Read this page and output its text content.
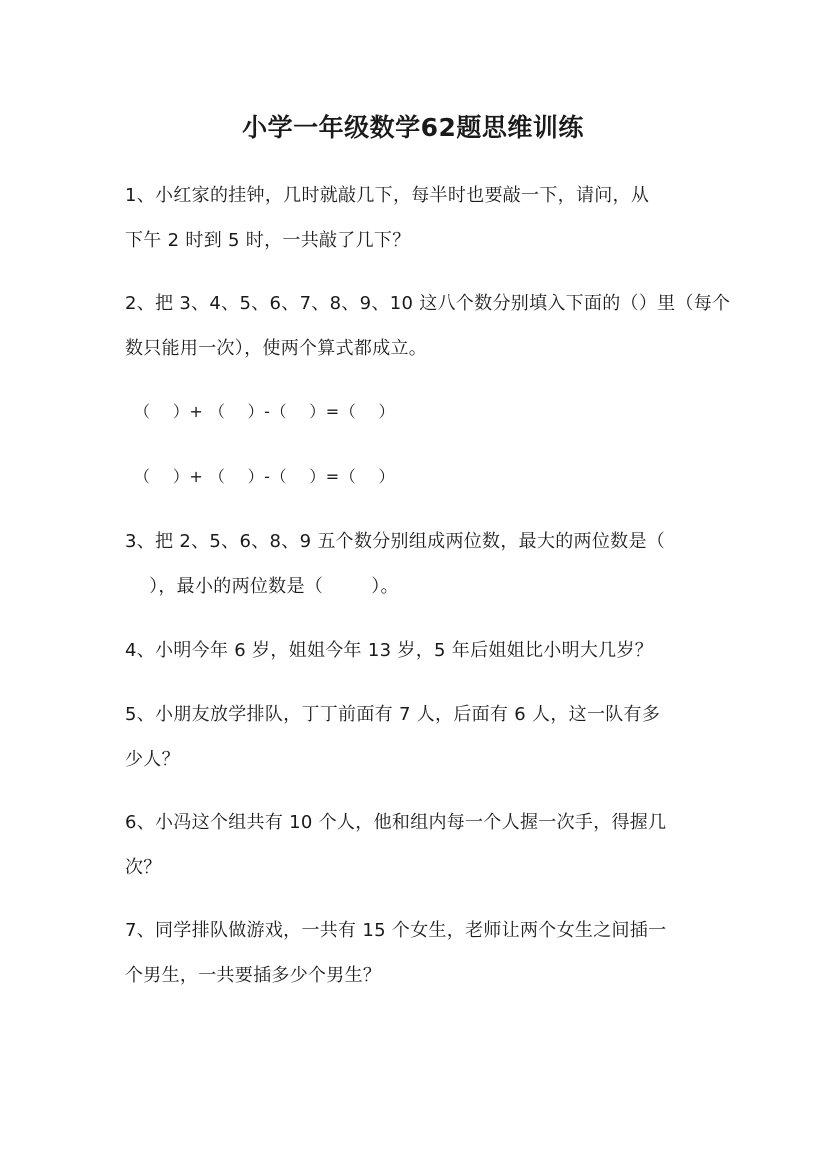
小学一年级数学62题思维训练
1、小红家的挂钟，几时就敲几下，每半时也要敲一下，请问，从
下午 2 时到 5 时，一共敲了几下？
2、把 3、4、5、6、7、8、9、10 这八个数分别填入下面的（）里（每个
数只能用一次），使两个算式都成立。
（    ）+ （    ）-（    ）=（    ）
（    ）+ （    ）-（    ）=（    ）
3、把 2、5、6、8、9 五个数分别组成两位数，最大的两位数是（
），最小的两位数是（        ）。
4、小明今年 6 岁，姐姐今年 13 岁，5 年后姐姐比小明大几岁？
5、小朋友放学排队，丁丁前面有 7 人，后面有 6 人，这一队有多
少人？
6、小冯这个组共有 10 个人，他和组内每一个人握一次手，得握几
次？
7、同学排队做游戏，一共有 15 个女生，老师让两个女生之间插一
个男生，一共要插多少个男生？
